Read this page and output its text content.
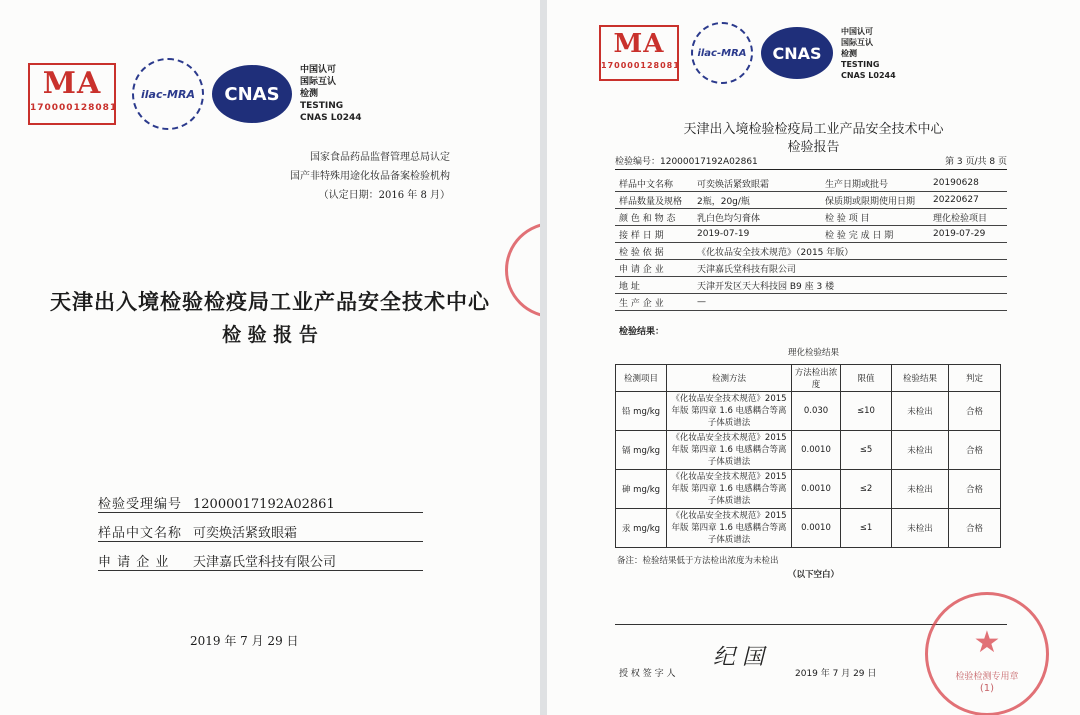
MA
170000128081
ilac-MRA	CNAS
中国认可
国际互认
检测
TESTING
CNAS L0244
国家食品药品监督管理总局认定
国产非特殊用途化妆品备案检验机构
（认定日期：2016 年 8 月）
天津出入境检验检疫局工业产品安全技术中心
检 验 报 告
检验受理编号 12000017192A02861
样品中文名称 可奕焕活紧致眼霜
申 请 企 业	天津嘉氏堂科技有限公司
2019 年 7 月 29 日
MA
170000128081
ilac-MRA	CNAS
中国认可
国际互认
检测
TESTING
CNAS L0244
天津出入境检验检疫局工业产品安全技术中心
检验报告
检验编号：12000017192A02861	第 3 页/共 8 页
样品中文名称	可奕焕活紧致眼霜	生产日期或批号	20190628
样品数量及规格	2瓶，20g/瓶	保质期或限期使用日期	20220627
颜 色 和 物 态	乳白色均匀膏体	检 验 项 目	理化检验项目
接 样 日 期	2019-07-19	检 验 完 成 日 期	2019-07-29
检 验 依 据	《化妆品安全技术规范》（2015 年版）		
申 请 企 业	天津嘉氏堂科技有限公司		
地 址	天津开发区天大科技园 B9 座 3 楼		
生 产 企 业	—		
检验结果：
理化检验结果
检测项目	检测方法	方法检出浓度	限值	检验结果	判定
铅 mg/kg	《化妆品安全技术规范》2015 年版 第四章 1.6 电感耦合等离子体质谱法	0.030	≤10	未检出	合格
镉 mg/kg	《化妆品安全技术规范》2015 年版 第四章 1.6 电感耦合等离子体质谱法	0.0010	≤5	未检出	合格
砷 mg/kg	《化妆品安全技术规范》2015 年版 第四章 1.6 电感耦合等离子体质谱法	0.0010	≤2	未检出	合格
汞 mg/kg	《化妆品安全技术规范》2015 年版 第四章 1.6 电感耦合等离子体质谱法	0.0010	≤1	未检出	合格
备注：检验结果低于方法检出浓度为未检出
（以下空白）
授 权 签 字 人
纪 国
2019 年 7 月 29 日
★
检验检测专用章
(1)
